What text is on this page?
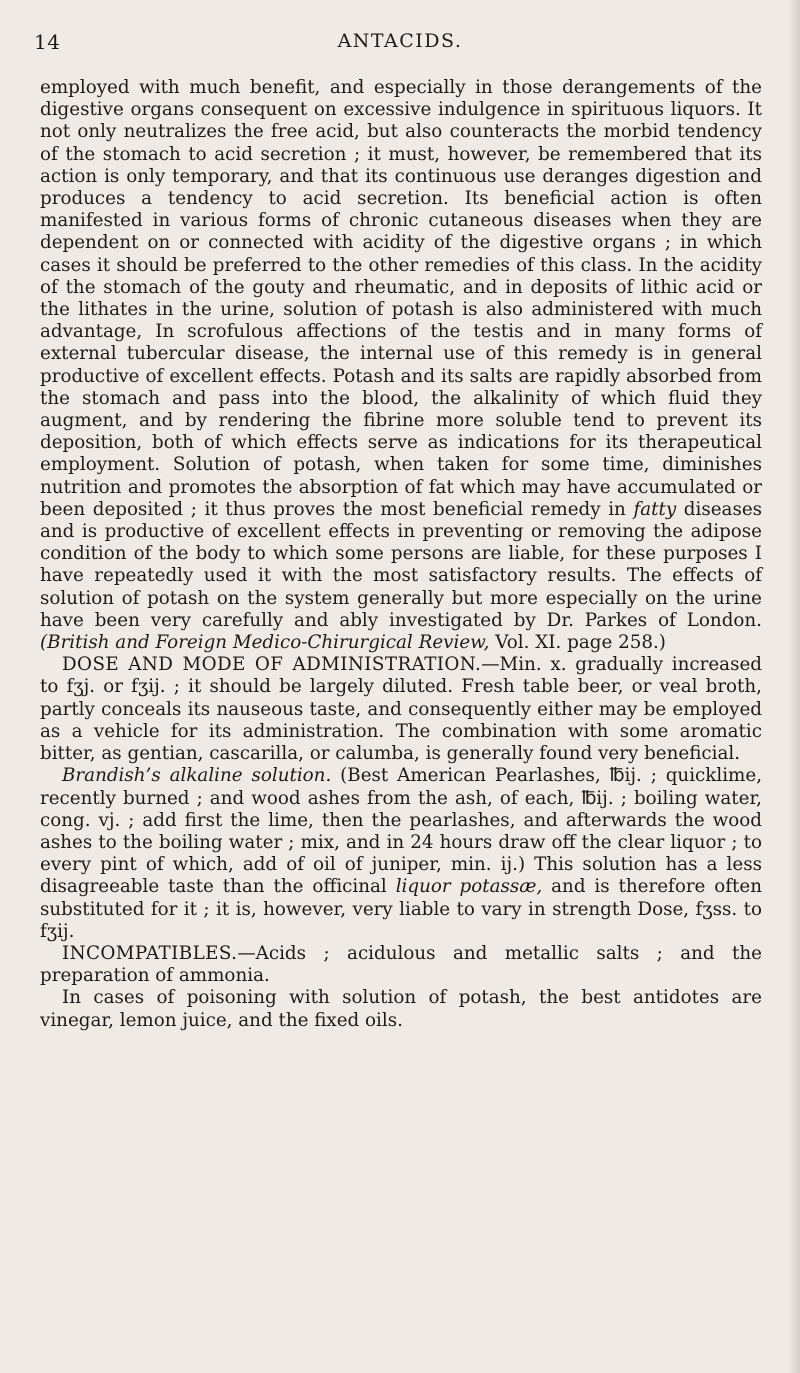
14	ANTACIDS.

employed with much benefit, and especially in those derangements of the digestive organs consequent on excessive indulgence in spirituous liquors. It not only neutralizes the free acid, but also counteracts the morbid tendency of the stomach to acid secretion ; it must, however, be remembered that its action is only temporary, and that its continuous use deranges digestion and produces a tendency to acid secretion. Its beneficial action is often manifested in various forms of chronic cutaneous diseases when they are dependent on or connected with acidity of the digestive organs ; in which cases it should be preferred to the other remedies of this class. In the acidity of the stomach of the gouty and rheumatic, and in deposits of lithic acid or the lithates in the urine, solution of potash is also administered with much advantage, In scrofulous affections of the testis and in many forms of external tubercular disease, the internal use of this remedy is in general productive of excellent effects. Potash and its salts are rapidly absorbed from the stomach and pass into the blood, the alkalinity of which fluid they augment, and by rendering the fibrine more soluble tend to prevent its deposition, both of which effects serve as indications for its therapeutical employment. Solution of potash, when taken for some time, diminishes nutrition and promotes the absorption of fat which may have accumulated or been deposited ; it thus proves the most beneficial remedy in fatty diseases and is productive of excellent effects in preventing or removing the adipose condition of the body to which some persons are liable, for these purposes I have repeatedly used it with the most satisfactory results. The effects of solution of potash on the system generally but more especially on the urine have been very carefully and ably investigated by Dr. Parkes of London. (British and Foreign Medico-Chirurgical Review, Vol. XI. page 258.)

DOSE AND MODE OF ADMINISTRATION.—Min. x. gradually increased to fʒj. or fʒij. ; it should be largely diluted. Fresh table beer, or veal broth, partly conceals its nauseous taste, and consequently either may be employed as a vehicle for its administration. The combination with some aromatic bitter, as gentian, cascarilla, or calumba, is generally found very beneficial.

Brandish’s alkaline solution. (Best American Pearlashes, ℔ij. ; quicklime, recently burned ; and wood ashes from the ash, of each, ℔ij. ; boiling water, cong. vj. ; add first the lime, then the pearlashes, and afterwards the wood ashes to the boiling water ; mix, and in 24 hours draw off the clear liquor ; to every pint of which, add of oil of juniper, min. ij.) This solution has a less disagreeable taste than the officinal liquor potassæ, and is therefore often substituted for it ; it is, however, very liable to vary in strength Dose, fʒss. to fʒij.

INCOMPATIBLES.—Acids ; acidulous and metallic salts ; and the preparation of ammonia.

In cases of poisoning with solution of potash, the best antidotes are vinegar, lemon juice, and the fixed oils.
